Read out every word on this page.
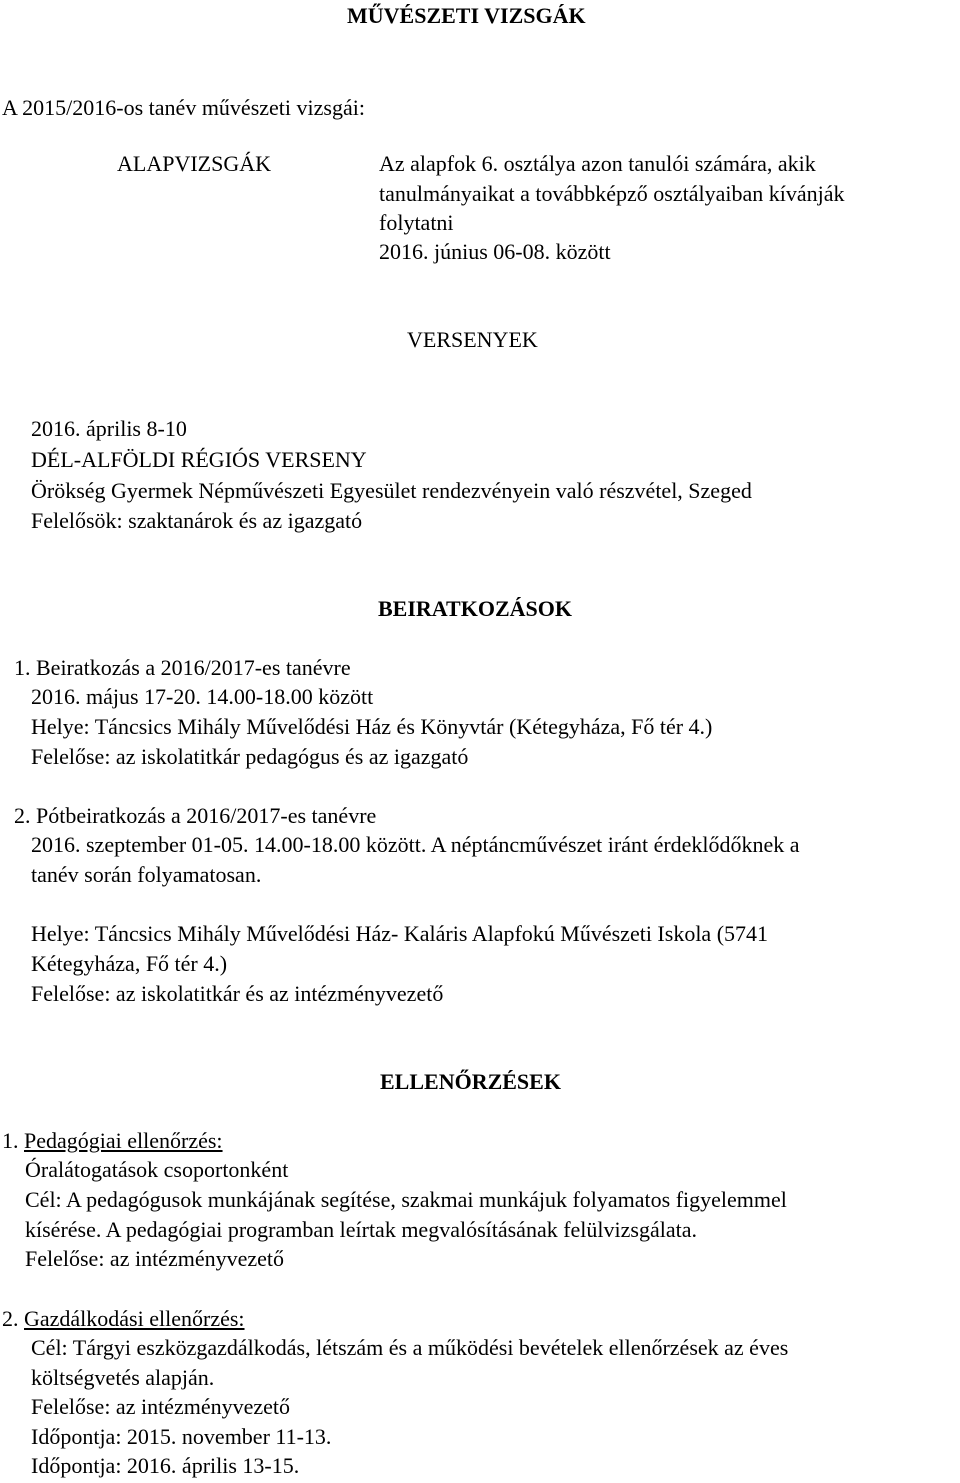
MŰVÉSZETI VIZSGÁK
A 2015/2016-os tanév művészeti vizsgái:
ALAPVIZSGÁK	Az alapfok 6. osztálya azon tanulói számára, akik
tanulmányaikat a továbbképző osztályaiban kívánják
folytatni
2016. június 06-08. között
VERSENYEK
2016. április 8-10
DÉL-ALFÖLDI RÉGIÓS VERSENY
Örökség Gyermek Népművészeti Egyesület rendezvényein való részvétel, Szeged
Felelősök: szaktanárok és az igazgató
BEIRATKOZÁSOK
1. Beiratkozás a 2016/2017-es tanévre
2016. május 17-20. 14.00-18.00 között
Helye: Táncsics Mihály Művelődési Ház és Könyvtár (Kétegyháza, Fő tér 4.)
Felelőse: az iskolatitkár pedagógus és az igazgató
2. Pótbeiratkozás a 2016/2017-es tanévre
2016. szeptember 01-05. 14.00-18.00 között. A néptáncművészet iránt érdeklődőknek a
tanév során folyamatosan.
Helye: Táncsics Mihály Művelődési Ház- Kaláris Alapfokú Művészeti Iskola (5741
Kétegyháza, Fő tér 4.)
Felelőse: az iskolatitkár és az intézményvezető
ELLENŐRZÉSEK
1. Pedagógiai ellenőrzés:
Óralátogatások csoportonként
Cél: A pedagógusok munkájának segítése, szakmai munkájuk folyamatos figyelemmel
kísérése. A pedagógiai programban leírtak megvalósításának felülvizsgálata.
Felelőse: az intézményvezető
2. Gazdálkodási ellenőrzés:
Cél: Tárgyi eszközgazdálkodás, létszám és a működési bevételek ellenőrzések az éves
költségvetés alapján.
Felelőse: az intézményvezető
Időpontja: 2015. november 11-13.
Időpontja: 2016. április 13-15.
